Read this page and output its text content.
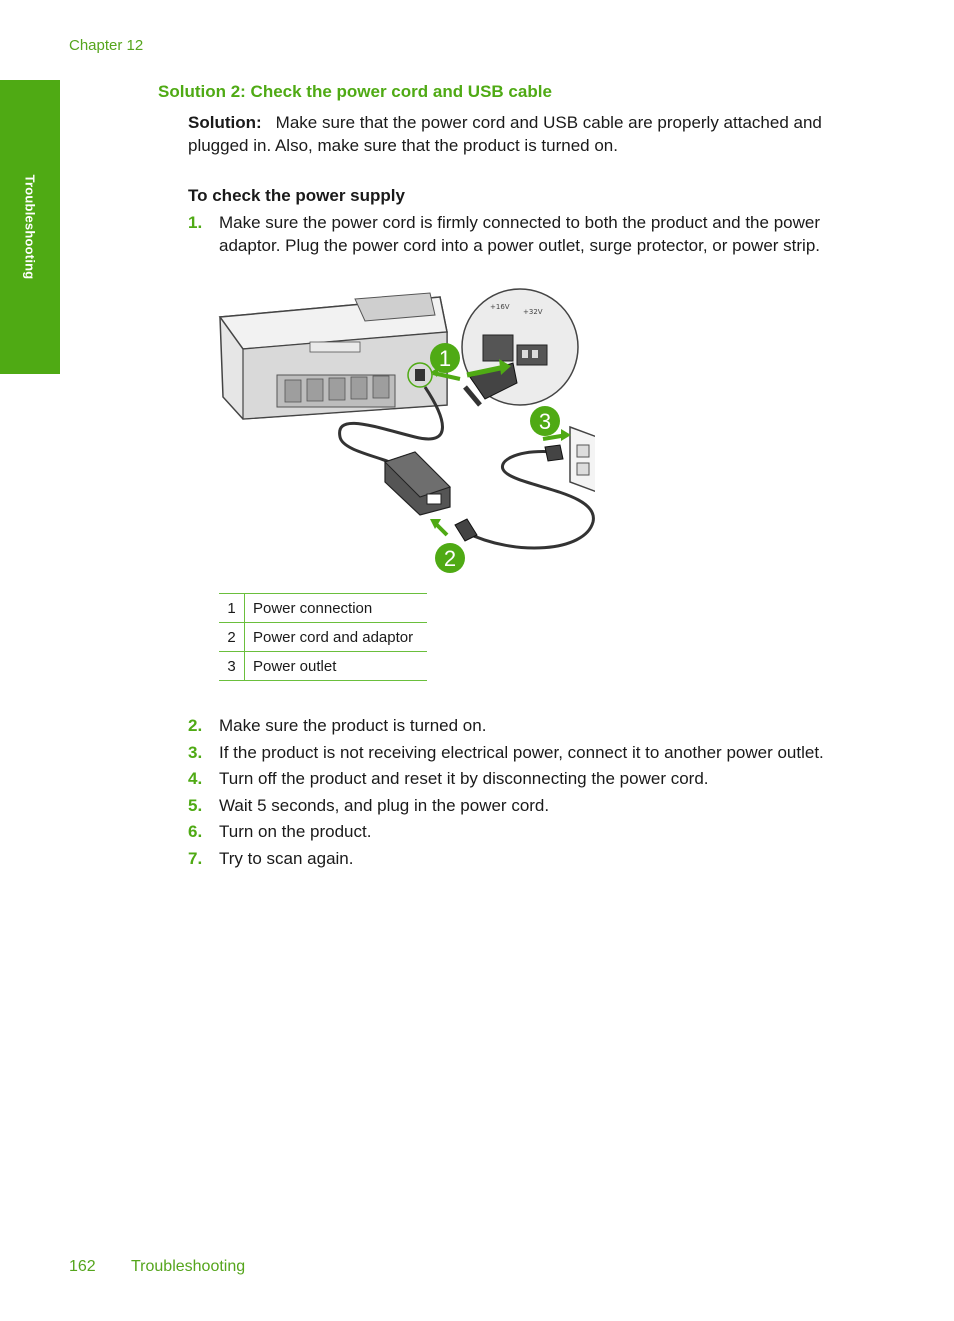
Chapter 12
Troubleshooting
Solution 2: Check the power cord and USB cable
Solution: Make sure that the power cord and USB cable are properly attached and plugged in. Also, make sure that the product is turned on.
To check the power supply
1. Make sure the power cord is firmly connected to both the product and the power adaptor. Plug the power cord into a power outlet, surge protector, or power strip.
+16V
+32V
1
3
2
1	Power connection
2	Power cord and adaptor
3	Power outlet
2. Make sure the product is turned on.
3. If the product is not receiving electrical power, connect it to another power outlet.
4. Turn off the product and reset it by disconnecting the power cord.
5. Wait 5 seconds, and plug in the power cord.
6. Turn on the product.
7. Try to scan again.
162 Troubleshooting
